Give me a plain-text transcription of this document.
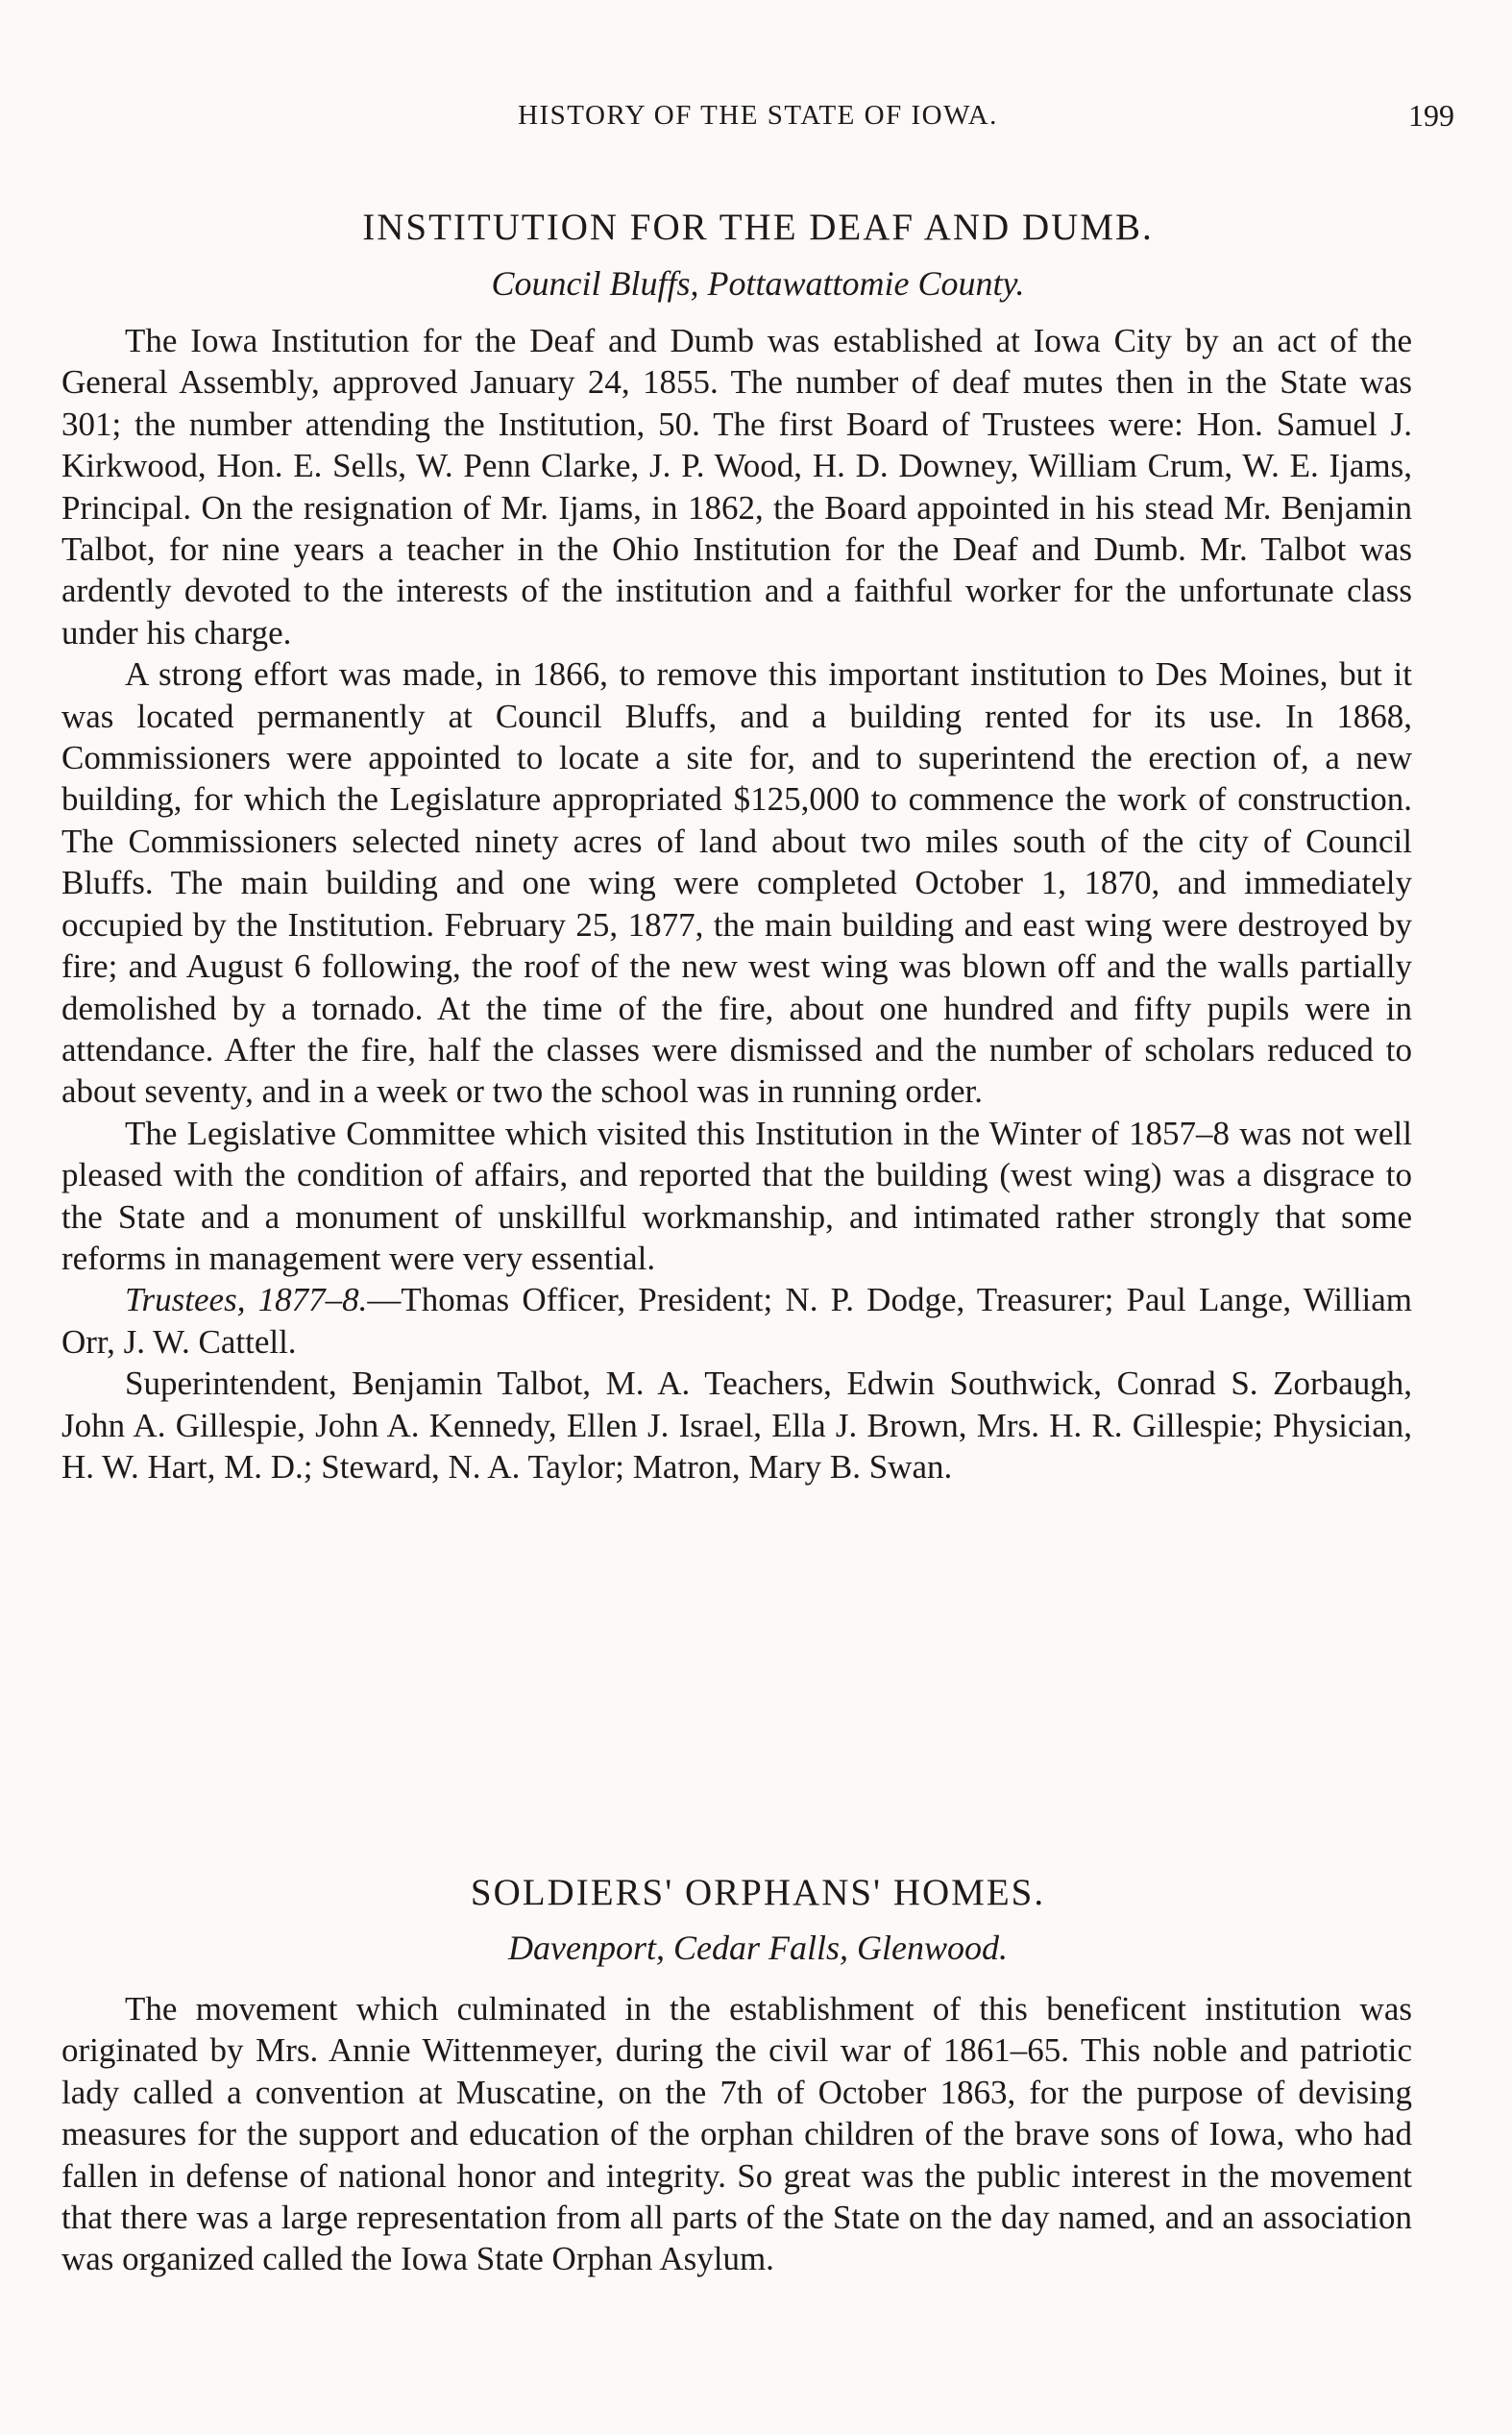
HISTORY OF THE STATE OF IOWA.	199
INSTITUTION FOR THE DEAF AND DUMB.
Council Bluffs, Pottawattomie County.

The Iowa Institution for the Deaf and Dumb was established at Iowa City by an act of the General Assembly, approved January 24, 1855. The number of deaf mutes then in the State was 301; the number attending the Institution, 50. The first Board of Trustees were: Hon. Samuel J. Kirkwood, Hon. E. Sells, W. Penn Clarke, J. P. Wood, H. D. Downey, William Crum, W. E. Ijams, Principal. On the resignation of Mr. Ijams, in 1862, the Board appointed in his stead Mr. Benjamin Talbot, for nine years a teacher in the Ohio Institution for the Deaf and Dumb. Mr. Talbot was ardently devoted to the interests of the institution and a faithful worker for the unfortunate class under his charge.

A strong effort was made, in 1866, to remove this important institution to Des Moines, but it was located permanently at Council Bluffs, and a building rented for its use. In 1868, Commissioners were appointed to locate a site for, and to superintend the erection of, a new building, for which the Legislature appropriated $125,000 to commence the work of construction. The Commissioners selected ninety acres of land about two miles south of the city of Council Bluffs. The main building and one wing were completed October 1, 1870, and immediately occupied by the Institution. February 25, 1877, the main building and east wing were destroyed by fire; and August 6 following, the roof of the new west wing was blown off and the walls partially demolished by a tornado. At the time of the fire, about one hundred and fifty pupils were in attendance. After the fire, half the classes were dismissed and the number of scholars reduced to about seventy, and in a week or two the school was in running order.

The Legislative Committee which visited this Institution in the Winter of 1857–8 was not well pleased with the condition of affairs, and reported that the building (west wing) was a disgrace to the State and a monument of unskillful workmanship, and intimated rather strongly that some reforms in management were very essential.

Trustees, 1877–8.—Thomas Officer, President; N. P. Dodge, Treasurer; Paul Lange, William Orr, J. W. Cattell.

Superintendent, Benjamin Talbot, M. A. Teachers, Edwin Southwick, Conrad S. Zorbaugh, John A. Gillespie, John A. Kennedy, Ellen J. Israel, Ella J. Brown, Mrs. H. R. Gillespie; Physician, H. W. Hart, M. D.; Steward, N. A. Taylor; Matron, Mary B. Swan.

SOLDIERS' ORPHANS' HOMES.
Davenport, Cedar Falls, Glenwood.

The movement which culminated in the establishment of this beneficent institution was originated by Mrs. Annie Wittenmeyer, during the civil war of 1861–65. This noble and patriotic lady called a convention at Muscatine, on the 7th of October 1863, for the purpose of devising measures for the support and education of the orphan children of the brave sons of Iowa, who had fallen in defense of national honor and integrity. So great was the public interest in the movement that there was a large representation from all parts of the State on the day named, and an association was organized called the Iowa State Orphan Asylum.
